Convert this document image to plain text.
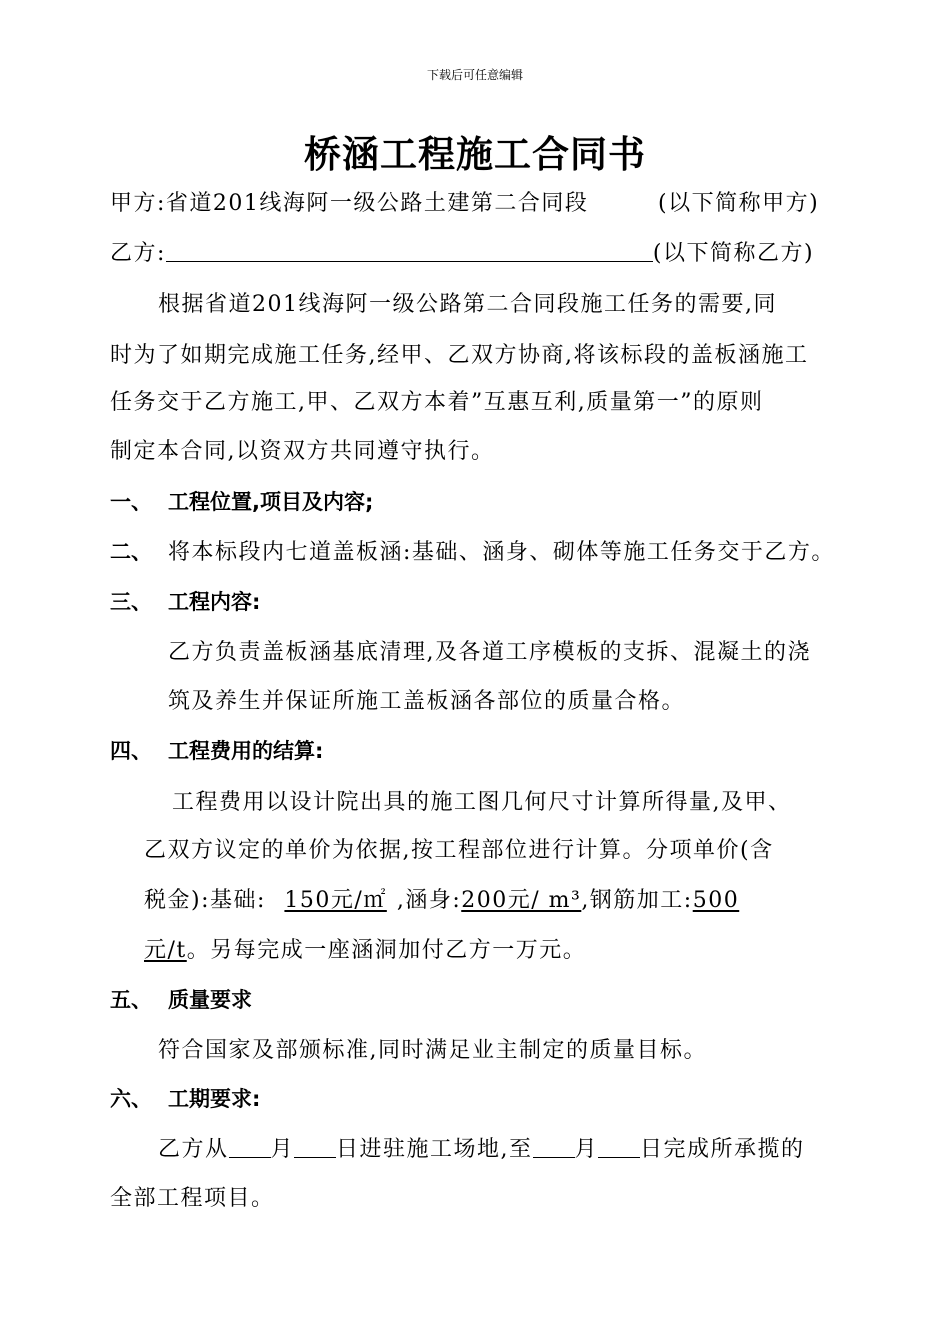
下载后可任意编辑
桥涵工程施工合同书
甲方:省道201线海阿一级公路土建第二合同段	(以下简称甲方)
乙方:	(以下简称乙方)
根据省道201线海阿一级公路第二合同段施工任务的需要,同
时为了如期完成施工任务,经甲、乙双方协商,将该标段的盖板涵施工
任务交于乙方施工,甲、乙双方本着”互惠互利,质量第一”的原则
制定本合同,以资双方共同遵守执行。
一、 工程位置,项目及内容;
二、 将本标段内七道盖板涵:基础、涵身、砌体等施工任务交于乙方。
三、 工程内容:
乙方负责盖板涵基底清理,及各道工序模板的支拆、混凝土的浇
筑及养生并保证所施工盖板涵各部位的质量合格。
四、 工程费用的结算:
工程费用以设计院出具的施工图几何尺寸计算所得量,及甲、
乙双方议定的单价为依据,按工程部位进行计算。分项单价(含
税金):基础: 150元/㎡ ,涵身:200元/ m³,钢筋加工:500
元/t。另每完成一座涵洞加付乙方一万元。
五、 质量要求
符合国家及部颁标准,同时满足业主制定的质量目标。
六、 工期要求:
乙方从 月 日进驻施工场地,至 月 日完成所承揽的
全部工程项目。
